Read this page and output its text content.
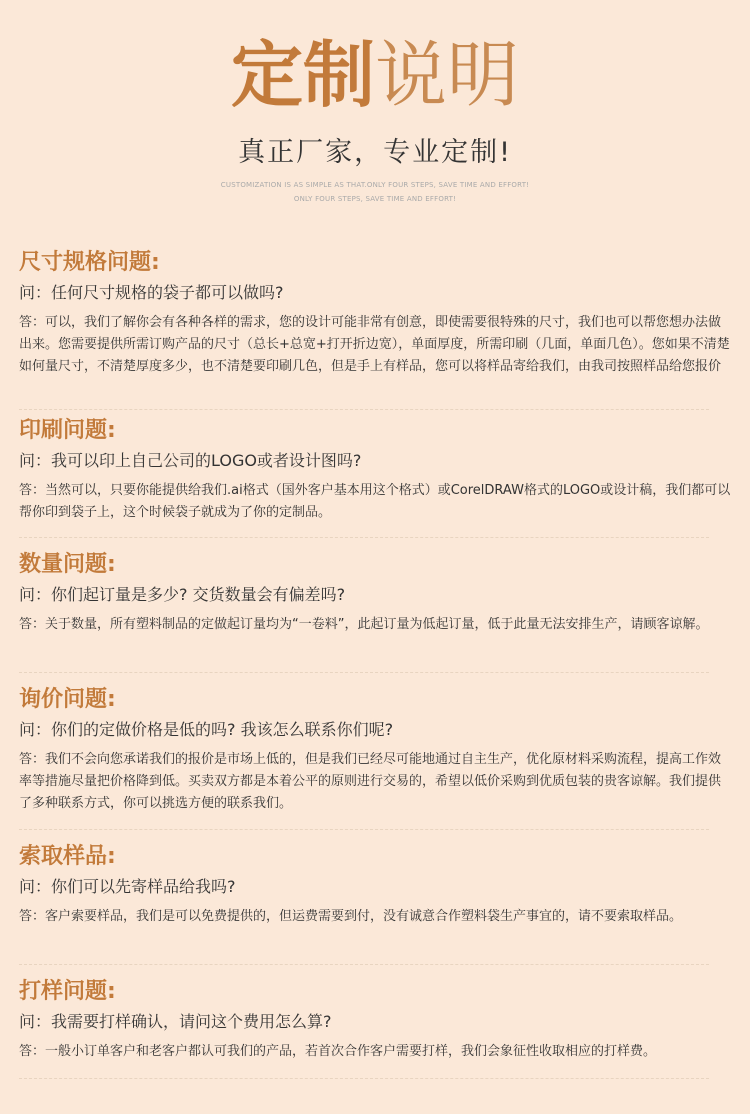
定制说明
真正厂家，专业定制!
CUSTOMIZATION IS AS SIMPLE AS THAT.ONLY FOUR STEPS, SAVE TIME AND EFFORT!
ONLY FOUR STEPS, SAVE TIME AND EFFORT!
尺寸规格问题:
问：任何尺寸规格的袋子都可以做吗?
答：可以，我们了解你会有各种各样的需求，您的设计可能非常有创意，即使需要很特殊的尺寸，我们也可以帮您想办法做出来。您需要提供所需订购产品的尺寸（总长+总宽+打开折边宽），单面厚度，所需印刷（几面，单面几色）。您如果不清楚如何量尺寸，不清楚厚度多少，也不清楚要印刷几色，但是手上有样品，您可以将样品寄给我们，由我司按照样品给您报价
印刷问题:
问：我可以印上自己公司的LOGO或者设计图吗?
答：当然可以，只要你能提供给我们.ai格式（国外客户基本用这个格式）或CorelDRAW格式的LOGO或设计稿，我们都可以帮你印到袋子上，这个时候袋子就成为了你的定制品。
数量问题:
问：你们起订量是多少? 交货数量会有偏差吗?
答：关于数量，所有塑料制品的定做起订量均为“一卷料”，此起订量为低起订量，低于此量无法安排生产，请顾客谅解。
询价问题:
问：你们的定做价格是低的吗? 我该怎么联系你们呢?
答：我们不会向您承诺我们的报价是市场上低的，但是我们已经尽可能地通过自主生产，优化原材料采购流程，提高工作效率等措施尽量把价格降到低。买卖双方都是本着公平的原则进行交易的，希望以低价采购到优质包装的贵客谅解。我们提供了多种联系方式，你可以挑选方便的联系我们。
索取样品:
问：你们可以先寄样品给我吗?
答：客户索要样品，我们是可以免费提供的，但运费需要到付，没有诚意合作塑料袋生产事宜的，请不要索取样品。
打样问题:
问：我需要打样确认，请问这个费用怎么算?
答：一般小订单客户和老客户都认可我们的产品，若首次合作客户需要打样，我们会象征性收取相应的打样费。
